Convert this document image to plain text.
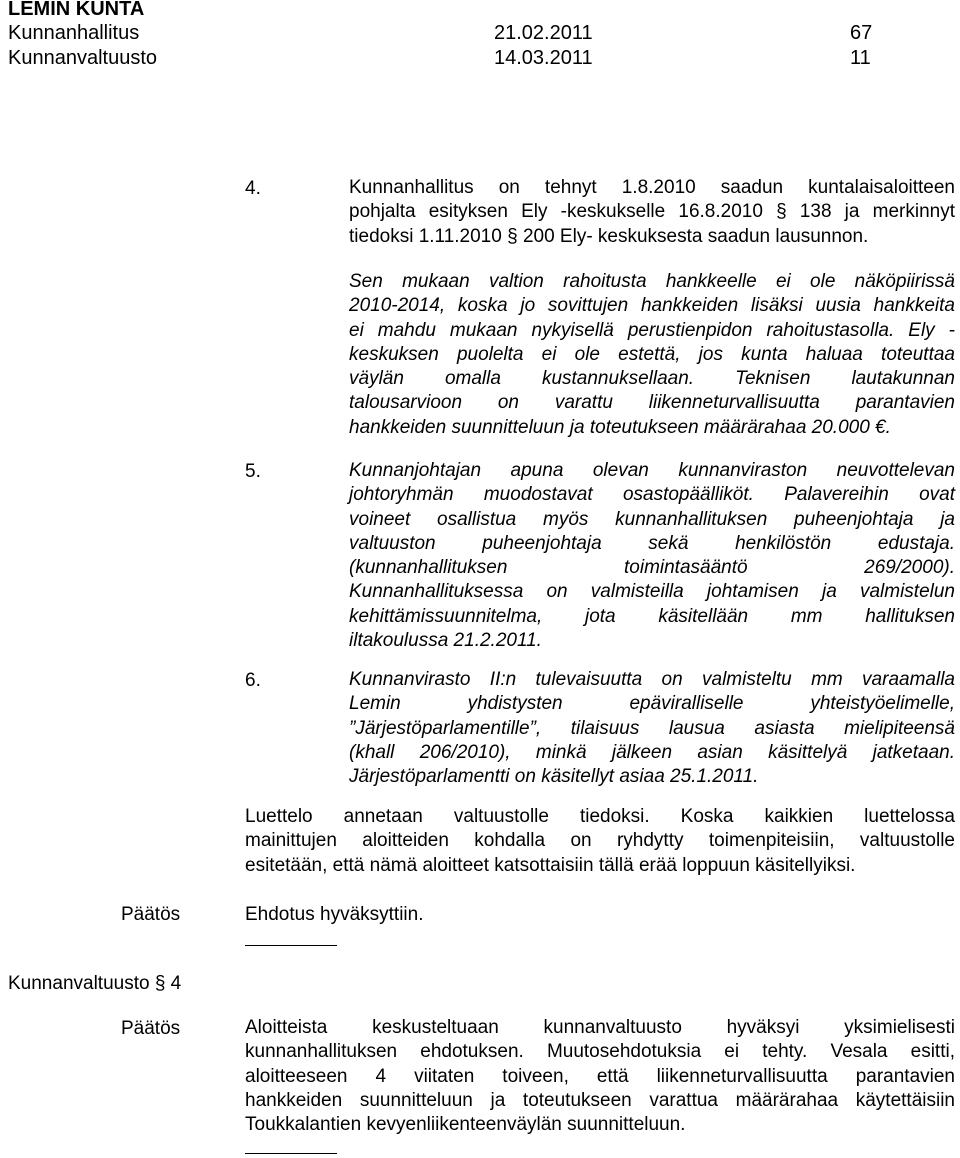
LEMIN KUNTA
Kunnanhallitus	21.02.2011	67
Kunnanvaltuusto	14.03.2011	11
4.	Kunnanhallitus on tehnyt 1.8.2010 saadun kuntalaisaloitteen
pohjalta esityksen Ely -keskukselle 16.8.2010 § 138 ja merkinnyt
tiedoksi 1.11.2010 § 200 Ely- keskuksesta saadun lausunnon.
Sen mukaan valtion rahoitusta hankkeelle ei ole näköpiirissä
2010-2014, koska jo sovittujen hankkeiden lisäksi uusia hankkeita
ei mahdu mukaan nykyisellä perustienpidon rahoitustasolla. Ely -
keskuksen puolelta ei ole estettä, jos kunta haluaa toteuttaa
väylän omalla kustannuksellaan. Teknisen lautakunnan
talousarvioon on varattu liikenneturvallisuutta parantavien
hankkeiden suunnitteluun ja toteutukseen määrärahaa 20.000 €.
5.	Kunnanjohtajan apuna olevan kunnanviraston neuvottelevan
johtoryhmän muodostavat osastopäälliköt. Palavereihin ovat
voineet osallistua myös kunnanhallituksen puheenjohtaja ja
valtuuston puheenjohtaja sekä henkilöstön edustaja.
(kunnanhallituksen toimintasääntö 269/2000).
Kunnanhallituksessa on valmisteilla johtamisen ja valmistelun
kehittämissuunnitelma, jota käsitellään mm hallituksen
iltakoulussa 21.2.2011.
6.	Kunnanvirasto II:n tulevaisuutta on valmisteltu mm varaamalla
Lemin yhdistysten epäviralliselle yhteistyöelimelle,
”Järjestöparlamentille”, tilaisuus lausua asiasta mielipiteensä
(khall 206/2010), minkä jälkeen asian käsittelyä jatketaan.
Järjestöparlamentti on käsitellyt asiaa 25.1.2011.
Luettelo annetaan valtuustolle tiedoksi. Koska kaikkien luettelossa
mainittujen aloitteiden kohdalla on ryhdytty toimenpiteisiin, valtuustolle
esitetään, että nämä aloitteet katsottaisiin tällä erää loppuun käsitellyiksi.
Päätös	Ehdotus hyväksyttiin.
Kunnanvaltuusto § 4
Päätös	Aloitteista keskusteltuaan kunnanvaltuusto hyväksyi yksimielisesti
kunnanhallituksen ehdotuksen. Muutosehdotuksia ei tehty. Vesala esitti,
aloitteeseen 4 viitaten toiveen, että liikenneturvallisuutta parantavien
hankkeiden suunnitteluun ja toteutukseen varattua määrärahaa käytettäisiin
Toukkalantien kevyenliikenteenväylän suunnitteluun.
